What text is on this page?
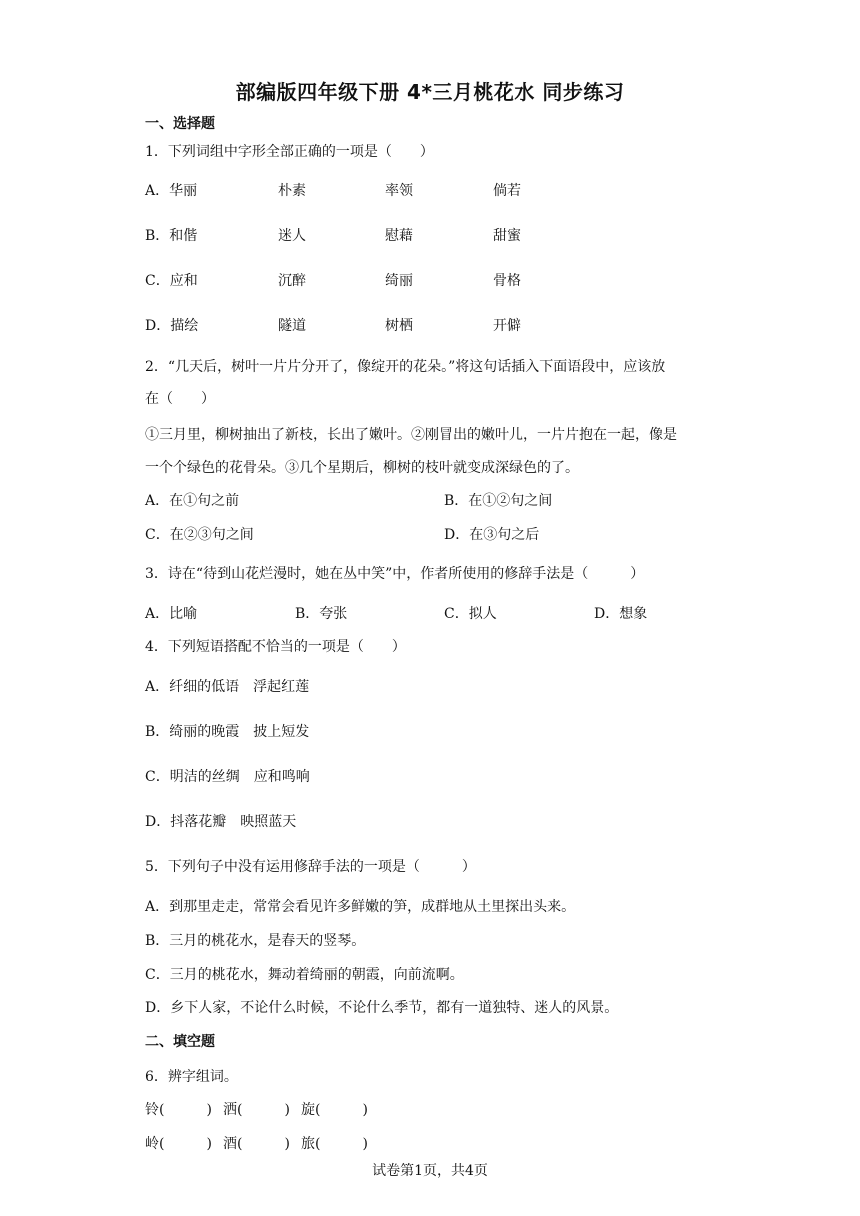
部编版四年级下册 4*三月桃花水 同步练习
一、选择题
1．下列词组中字形全部正确的一项是（　　）
A．华丽	朴素	率领	倘若
B．和偕	迷人	慰藉	甜蜜
C．应和	沉醉	绮丽	骨格
D．描绘	隧道	树栖	开僻
2．“几天后，树叶一片片分开了，像绽开的花朵。”将这句话插入下面语段中，应该放
在（　　）
①三月里，柳树抽出了新枝，长出了嫩叶。②刚冒出的嫩叶儿，一片片抱在一起，像是
一个个绿色的花骨朵。③几个星期后，柳树的枝叶就变成深绿色的了。
A．在①句之前	B．在①②句之间
C．在②③句之间	D．在③句之后
3．诗在“待到山花烂漫时，她在丛中笑”中，作者所使用的修辞手法是（　　　）
A．比喻	B．夸张	C．拟人	D．想象
4．下列短语搭配不恰当的一项是（　　）
A．纤细的低语　浮起红莲
B．绮丽的晚霞　披上短发
C．明洁的丝绸　应和鸣响
D．抖落花瓣　映照蓝天
5．下列句子中没有运用修辞手法的一项是（　　　）
A．到那里走走，常常会看见许多鲜嫩的笋，成群地从土里探出头来。
B．三月的桃花水，是春天的竖琴。
C．三月的桃花水，舞动着绮丽的朝霞，向前流啊。
D．乡下人家，不论什么时候，不论什么季节，都有一道独特、迷人的风景。
二、填空题
6．辨字组词。
铃(　　　) 洒(　　　) 旋(　　　)
岭(　　　) 酒(　　　) 旅(　　　)
试卷第1页，共4页
